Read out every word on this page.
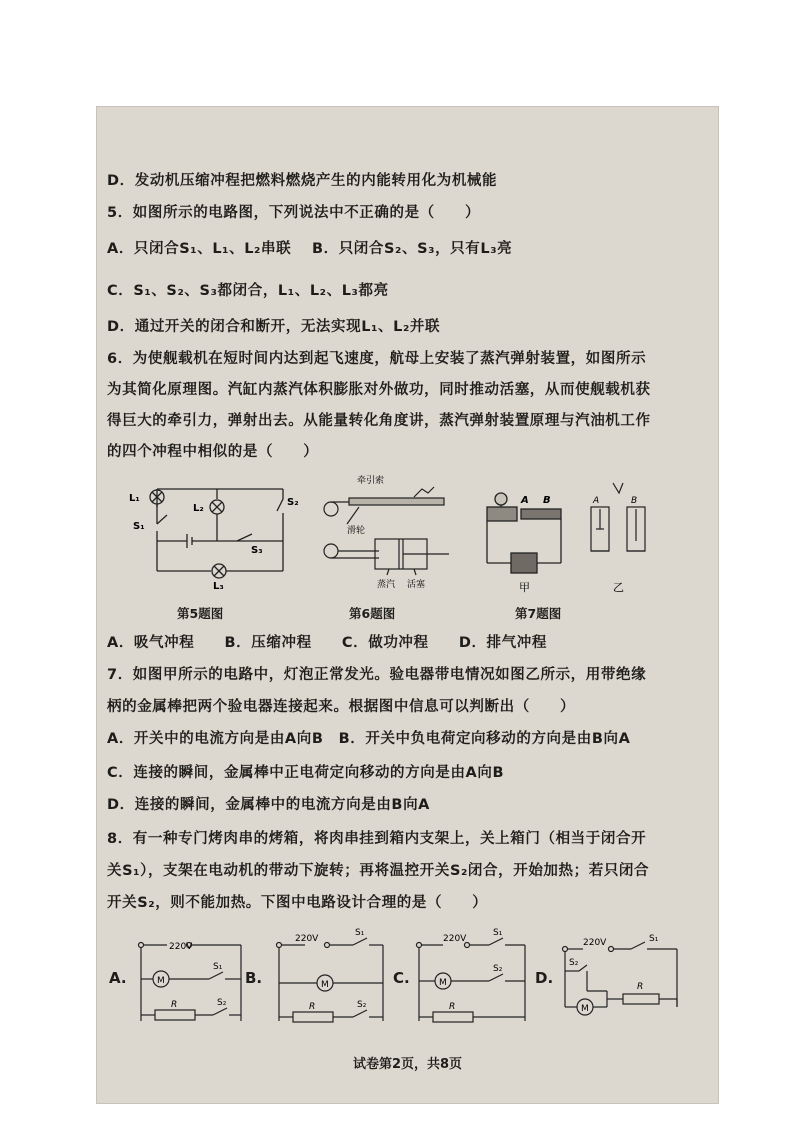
D．发动机压缩冲程把燃料燃烧产生的内能转用化为机械能
5．如图所示的电路图，下列说法中不正确的是（　　）
A．只闭合S₁、L₁、L₂串联　 B．只闭合S₂、S₃，只有L₃亮
C．S₁、S₂、S₃都闭合，L₁、L₂、L₃都亮
D．通过开关的闭合和断开，无法实现L₁、L₂并联
6．为使舰载机在短时间内达到起飞速度，航母上安装了蒸汽弹射装置，如图所示
为其简化原理图。汽缸内蒸汽体积膨胀对外做功，同时推动活塞，从而使舰载机获
得巨大的牵引力，弹射出去。从能量转化角度讲，蒸汽弹射装置原理与汽油机工作
的四个冲程中相似的是（　　）
L₁
L₂
S₁
S₂
S₃
L₃
牵引索
滑轮
蒸汽 活塞
A B
甲
A	B
乙
第5题图	第6题图	第7题图
A．吸气冲程　　B．压缩冲程　　C．做功冲程　　D．排气冲程
7．如图甲所示的电路中，灯泡正常发光。验电器带电情况如图乙所示，用带绝缘
柄的金属棒把两个验电器连接起来。根据图中信息可以判断出（　　）
A．开关中的电流方向是由A向B　B．开关中负电荷定向移动的方向是由B向A
C．连接的瞬间，金属棒中正电荷定向移动的方向是由A向B
D．连接的瞬间，金属棒中的电流方向是由B向A
8．有一种专门烤肉串的烤箱，将肉串挂到箱内支架上，关上箱门（相当于闭合开
关S₁），支架在电动机的带动下旋转；再将温控开关S₂闭合，开始加热；若只闭合
开关S₂，则不能加热。下图中电路设计合理的是（　　）
A.	B.	C.	D.
220V
M
S₁
R	S₂
220V
M
S₁
R	S₂
220V
M
S₁
S₂
R
220V
M
S₁
S₂
R
试卷第2页，共8页
